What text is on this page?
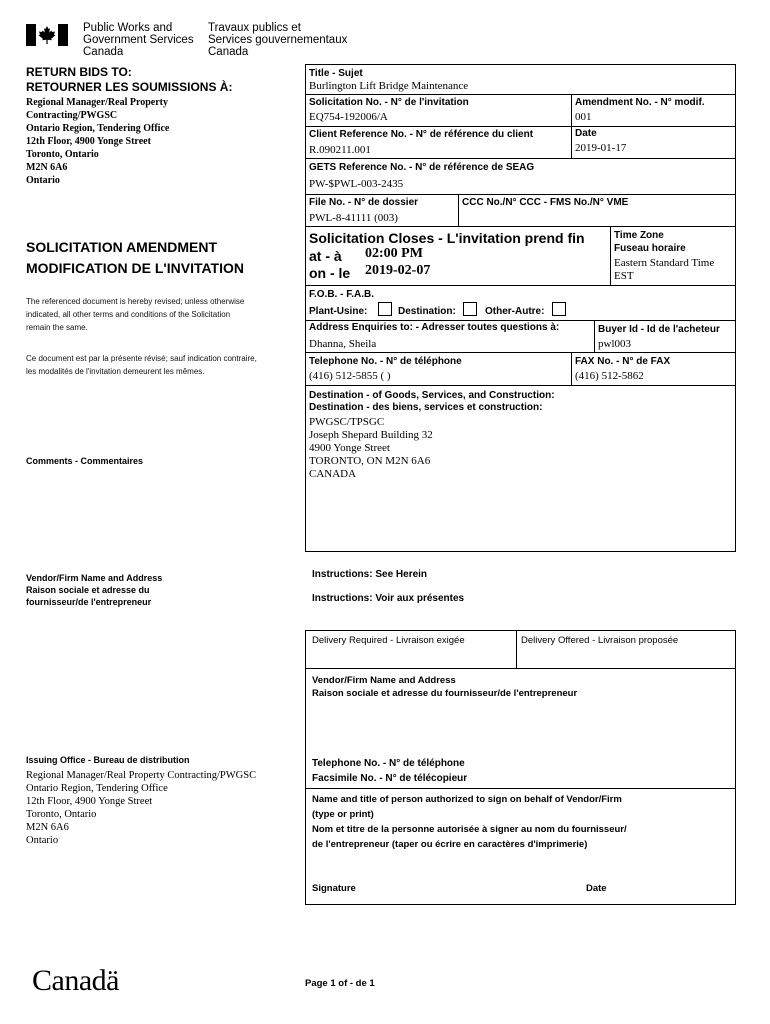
Public Works and
Government Services
Canada
Travaux publics et
Services gouvernementaux
Canada
RETURN BIDS TO:
RETOURNER LES SOUMISSIONS À:
Regional Manager/Real Property
Contracting/PWGSC
Ontario Region, Tendering Office
12th Floor, 4900 Yonge Street
Toronto, Ontario
M2N 6A6
Ontario
SOLICITATION AMENDMENT
MODIFICATION DE L'INVITATION
The referenced document is hereby revised; unless otherwise
indicated, all other terms and conditions of the Solicitation
remain the same.
Ce document est par la présente révisé; sauf indication contraire,
les modalités de l'invitation demeurent les mêmes.
Comments - Commentaires
Vendor/Firm Name and Address
Raison sociale et adresse du
fournisseur/de l'entrepreneur
Issuing Office - Bureau de distribution
Regional Manager/Real Property Contracting/PWGSC
Ontario Region, Tendering Office
12th Floor, 4900 Yonge Street
Toronto, Ontario
M2N 6A6
Ontario
Title - Sujet
Burlington Lift Bridge Maintenance
Solicitation No. - N° de l'invitation
EQ754-192006/A
Amendment No. - N° modif.
001
Client Reference No. - N° de référence du client
R.090211.001
Date
2019-01-17
GETS Reference No. - N° de référence de SEAG
PW-$PWL-003-2435
File No. - N° de dossier
PWL-8-41111 (003)
CCC No./N° CCC - FMS No./N° VME
Solicitation Closes - L'invitation prend fin
at - à 02:00 PM
on - le 2019-02-07
Time Zone
Fuseau horaire
Eastern Standard Time
EST
F.O.B. - F.A.B.
Plant-Usine:	Destination:	Other-Autre:
Address Enquiries to: - Adresser toutes questions à:
Dhanna, Sheila
Buyer Id - Id de l'acheteur
pwl003
Telephone No. - N° de téléphone
(416) 512-5855 ( )
FAX No. - N° de FAX
(416) 512-5862
Destination - of Goods, Services, and Construction:
Destination - des biens, services et construction:
PWGSC/TPSGC
Joseph Shepard Building 32
4900 Yonge Street
TORONTO, ON M2N 6A6
CANADA
Instructions: See Herein
Instructions: Voir aux présentes
Delivery Required - Livraison exigée	Delivery Offered - Livraison proposée
Vendor/Firm Name and Address
Raison sociale et adresse du fournisseur/de l'entrepreneur
Telephone No. - N° de téléphone
Facsimile No. - N° de télécopieur
Name and title of person authorized to sign on behalf of Vendor/Firm
(type or print)
Nom et titre de la personne autorisée à signer au nom du fournisseur/
de l'entrepreneur (taper ou écrire en caractères d'imprimerie)
Signature	Date
Canadä	Page 1 of - de 1
